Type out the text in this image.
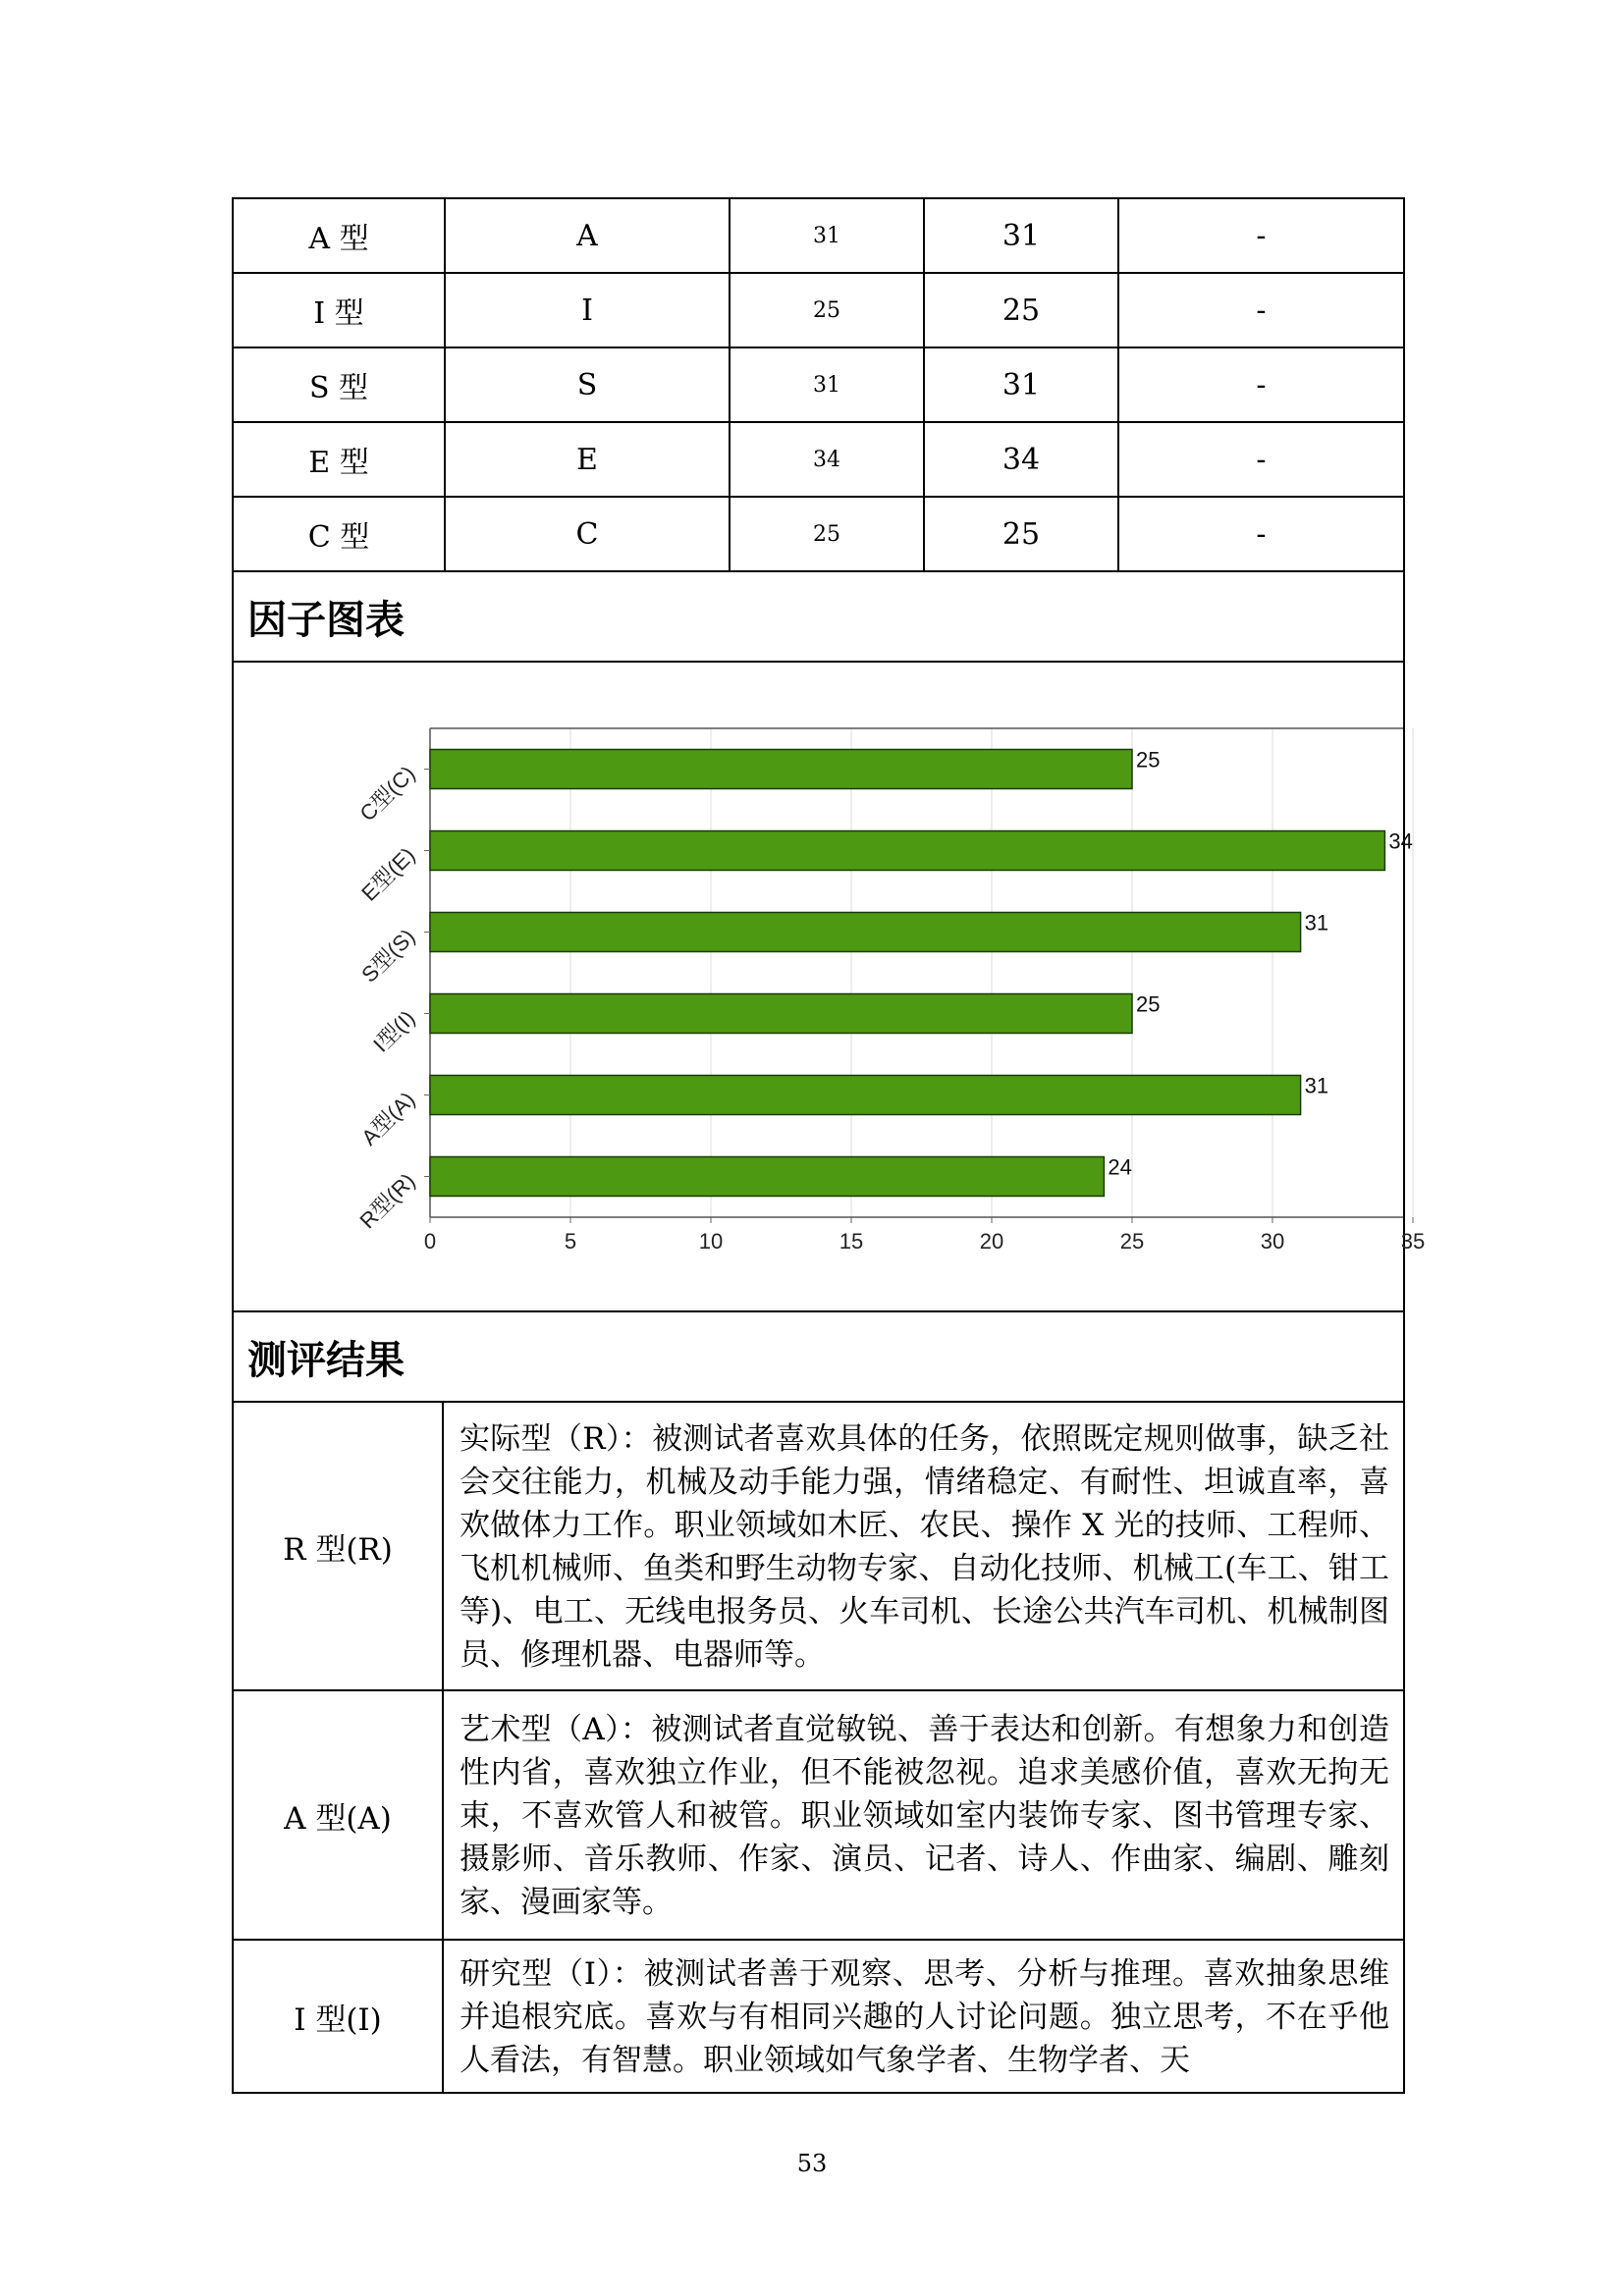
A 型	A	31	31	-
I 型	I	25	25	-
S 型	S	31	31	-
E 型	E	34	34	-
C 型	C	25	25	-
因子图表
0	5	10	15	20	25	30	35
24
R型(R)
31
A型(A)
25
I型(I)
31
S型(S)
34
E型(E)
25
C型(C)
测评结果
R 型(R)	实际型（R）：被测试者喜欢具体的任务，依照既定规则做事，缺乏社会交往能力，机械及动手能力强，情绪稳定、有耐性、坦诚直率，喜欢做体力工作。职业领域如木匠、农民、操作 X 光的技师、工程师、飞机机械师、鱼类和野生动物专家、自动化技师、机械工(车工、钳工等)、电工、无线电报务员、火车司机、长途公共汽车司机、机械制图员、修理机器、电器师等。
A 型(A)	艺术型（A）：被测试者直觉敏锐、善于表达和创新。有想象力和创造性内省，喜欢独立作业，但不能被忽视。追求美感价值，喜欢无拘无束，不喜欢管人和被管。职业领域如室内装饰专家、图书管理专家、摄影师、音乐教师、作家、演员、记者、诗人、作曲家、编剧、雕刻家、漫画家等。
I 型(I)	研究型（I）：被测试者善于观察、思考、分析与推理。喜欢抽象思维并追根究底。喜欢与有相同兴趣的人讨论问题。独立思考，不在乎他人看法，有智慧。职业领域如气象学者、生物学者、天
53
